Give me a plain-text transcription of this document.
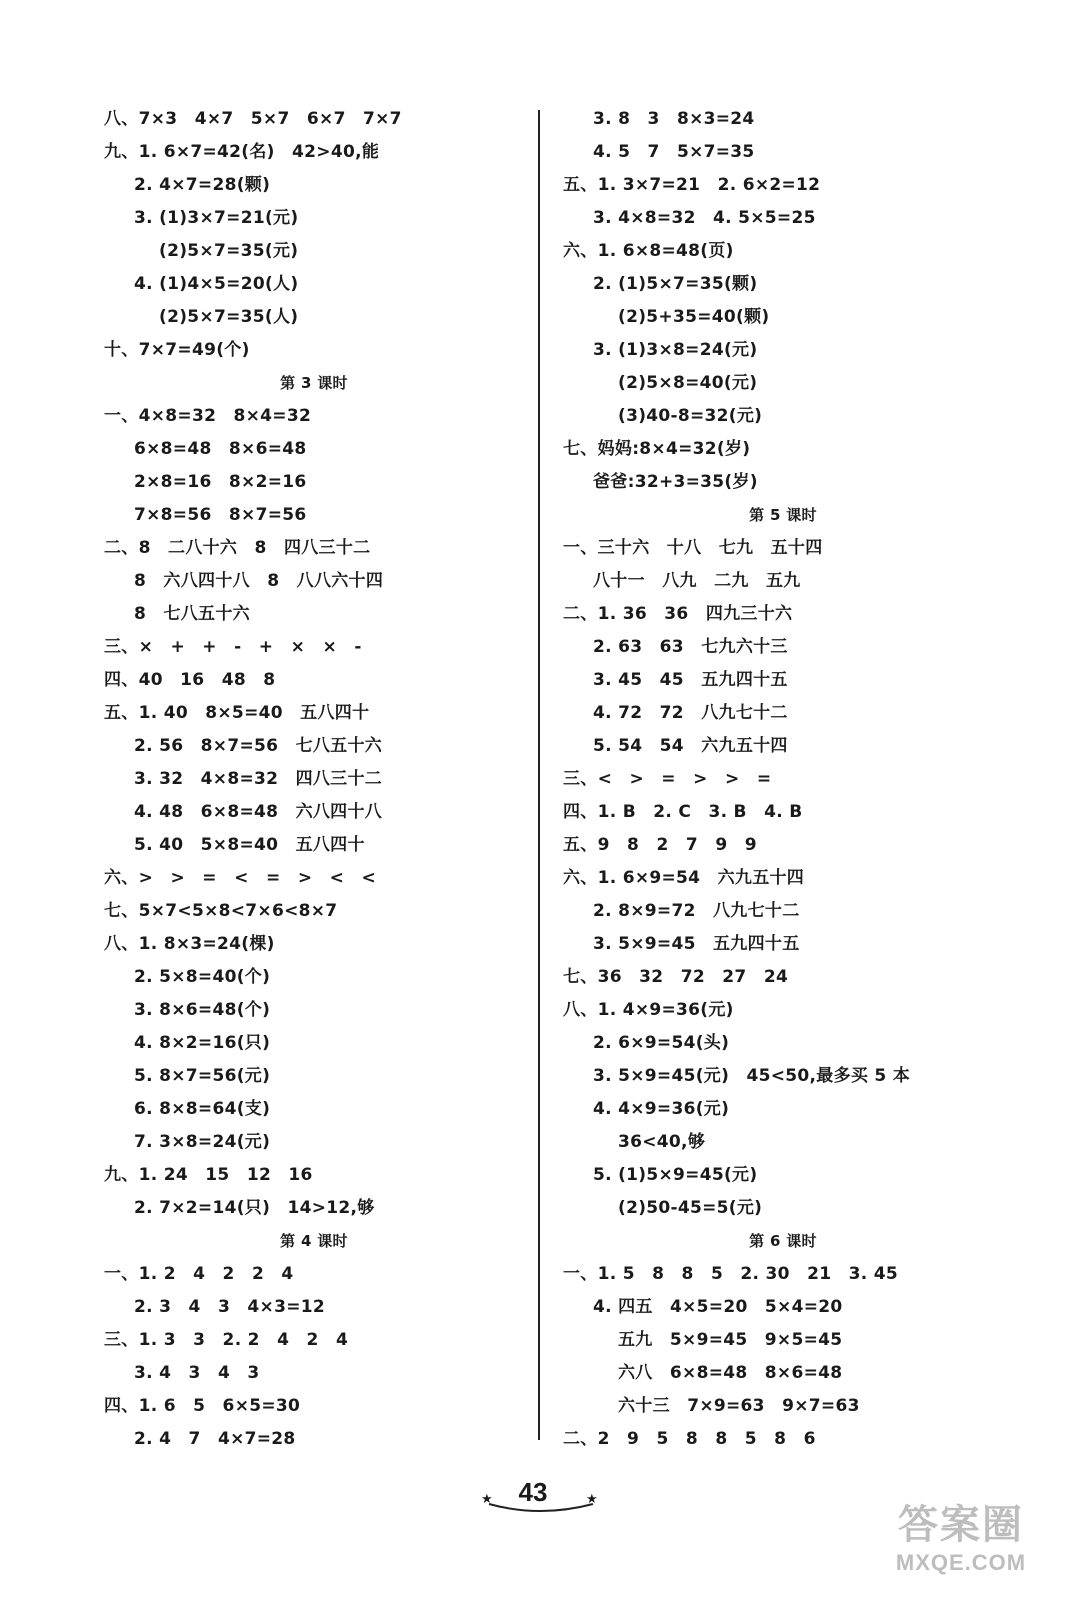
八、7×3　4×7　5×7　6×7　7×7
九、1. 6×7=42(名)　42>40,能
2. 4×7=28(颗)
3. (1)3×7=21(元)
(2)5×7=35(元)
4. (1)4×5=20(人)
(2)5×7=35(人)
十、7×7=49(个)
第 3 课时
一、4×8=32　8×4=32
6×8=48　8×6=48
2×8=16　8×2=16
7×8=56　8×7=56
二、8　二八十六　8　四八三十二
8　六八四十八　8　八八六十四
8　七八五十六
三、×　+　+　-　+　×　×　-
四、40　16　48　8
五、1. 40　8×5=40　五八四十
2. 56　8×7=56　七八五十六
3. 32　4×8=32　四八三十二
4. 48　6×8=48　六八四十八
5. 40　5×8=40　五八四十
六、>　>　=　<　=　>　<　<
七、5×7<5×8<7×6<8×7
八、1. 8×3=24(棵)
2. 5×8=40(个)
3. 8×6=48(个)
4. 8×2=16(只)
5. 8×7=56(元)
6. 8×8=64(支)
7. 3×8=24(元)
九、1. 24　15　12　16
2. 7×2=14(只)　14>12,够
第 4 课时
一、1. 2　4　2　2　4
2. 3　4　3　4×3=12
三、1. 3　3　2. 2　4　2　4
3. 4　3　4　3
四、1. 6　5　6×5=30
2. 4　7　4×7=28
3. 8　3　8×3=24
4. 5　7　5×7=35
五、1. 3×7=21　2. 6×2=12
3. 4×8=32　4. 5×5=25
六、1. 6×8=48(页)
2. (1)5×7=35(颗)
(2)5+35=40(颗)
3. (1)3×8=24(元)
(2)5×8=40(元)
(3)40-8=32(元)
七、妈妈:8×4=32(岁)
爸爸:32+3=35(岁)
第 5 课时
一、三十六　十八　七九　五十四
八十一　八九　二九　五九
二、1. 36　36　四九三十六
2. 63　63　七九六十三
3. 45　45　五九四十五
4. 72　72　八九七十二
5. 54　54　六九五十四
三、<　>　=　>　>　=
四、1. B　2. C　3. B　4. B
五、9　8　2　7　9　9
六、1. 6×9=54　六九五十四
2. 8×9=72　八九七十二
3. 5×9=45　五九四十五
七、36　32　72　27　24
八、1. 4×9=36(元)
2. 6×9=54(头)
3. 5×9=45(元)　45<50,最多买 5 本
4. 4×9=36(元)
36<40,够
5. (1)5×9=45(元)
(2)50-45=5(元)
第 6 课时
一、1. 5　8　8　5　2. 30　21　3. 45
4. 四五　4×5=20　5×4=20
五九　5×9=45　9×5=45
六八　6×8=48　8×6=48
六十三　7×9=63　9×7=63
二、2　9　5　8　8　5　8　6
★ 43	★
答案圈
MXQE.COM
